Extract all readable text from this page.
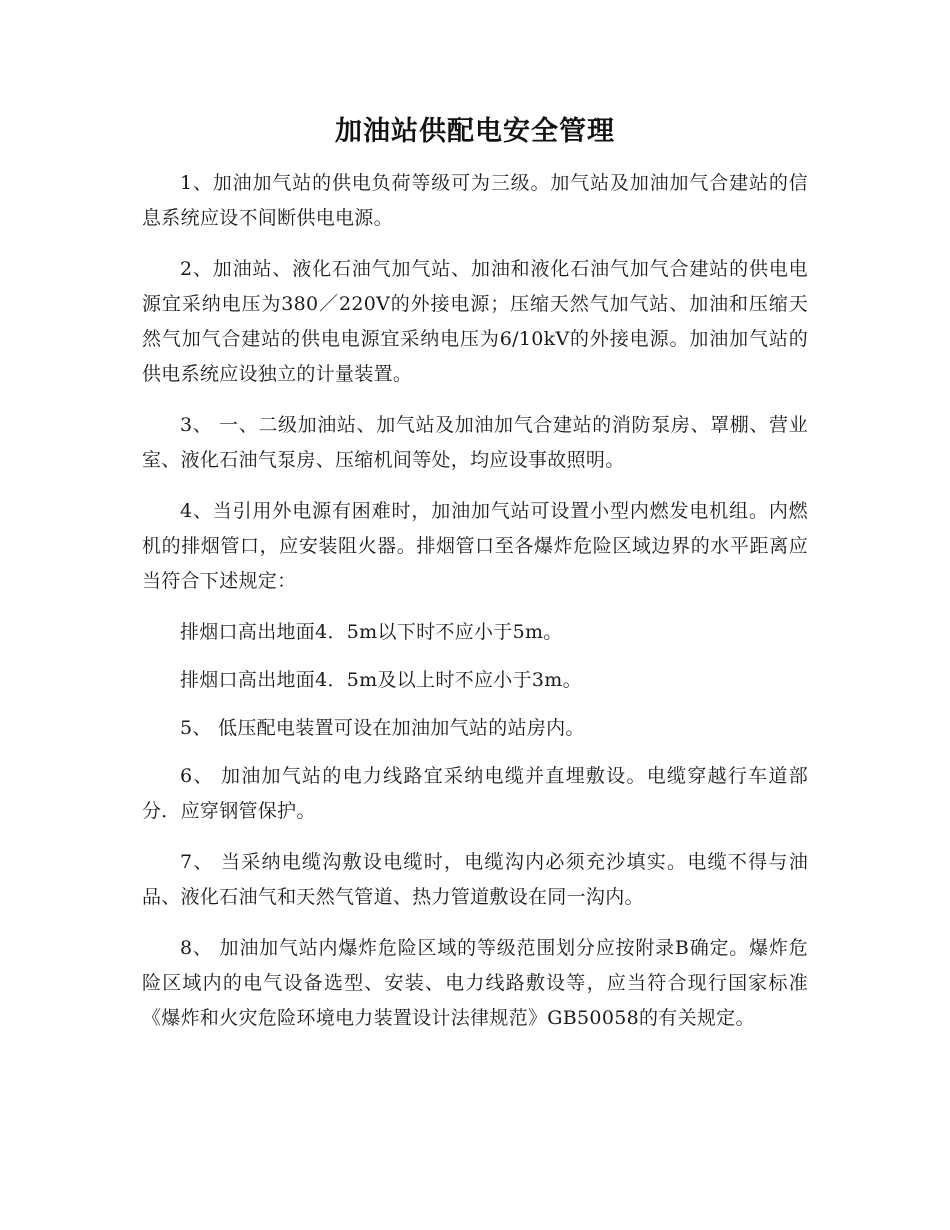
加油站供配电安全管理

1、加油加气站的供电负荷等级可为三级。加气站及加油加气合建站的信息系统应设不间断供电电源。

2、加油站、液化石油气加气站、加油和液化石油气加气合建站的供电电源宜采纳电压为380／220V的外接电源；压缩天然气加气站、加油和压缩天然气加气合建站的供电电源宜采纳电压为6/10kV的外接电源。加油加气站的供电系统应设独立的计量装置。

3、 一、二级加油站、加气站及加油加气合建站的消防泵房、罩棚、营业室、液化石油气泵房、压缩机间等处，均应设事故照明。

4、当引用外电源有困难时，加油加气站可设置小型内燃发电机组。内燃机的排烟管口，应安装阻火器。排烟管口至各爆炸危险区域边界的水平距离应当符合下述规定：

排烟口高出地面4．5m以下时不应小于5m。

排烟口高出地面4．5m及以上时不应小于3m。

5、 低压配电装置可设在加油加气站的站房内。

6、 加油加气站的电力线路宜采纳电缆并直埋敷设。电缆穿越行车道部分．应穿钢管保护。

7、 当采纳电缆沟敷设电缆时，电缆沟内必须充沙填实。电缆不得与油品、液化石油气和天然气管道、热力管道敷设在同一沟内。

8、 加油加气站内爆炸危险区域的等级范围划分应按附录B确定。爆炸危险区域内的电气设备选型、安装、电力线路敷设等，应当符合现行国家标准《爆炸和火灾危险环境电力装置设计法律规范》GB50058的有关规定。
